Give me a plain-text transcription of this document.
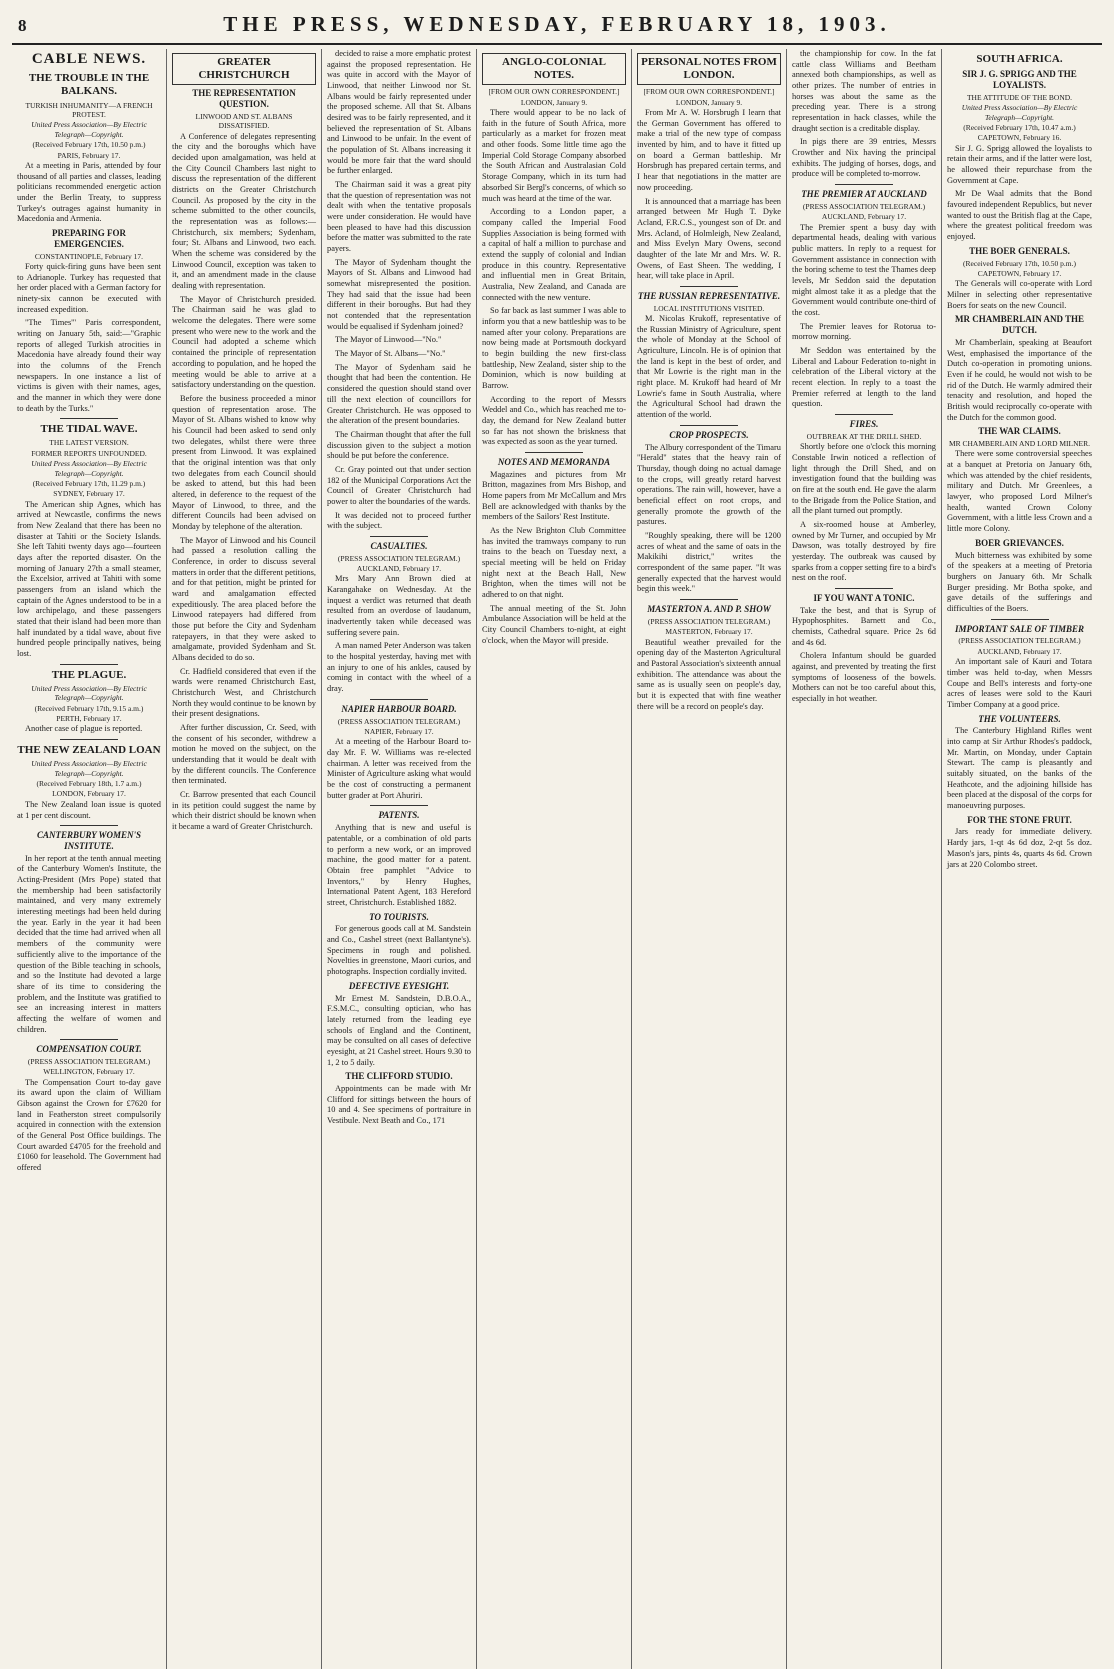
8	THE PRESS, WEDNESDAY, FEBRUARY 18, 1903.
CABLE NEWS.
THE TROUBLE IN THE BALKANS.
TURKISH INHUMANITY—A FRENCH PROTEST.
United Press Association—By Electric Telegraph—Copyright.
(Received February 17th, 10.50 p.m.)
PARIS, February 17.

At a meeting in Paris, attended by four thousand of all parties and classes, leading politicians recommended energetic action under the Berlin Treaty, to suppress Turkey's outrages against humanity in Macedonia and Armenia.

PREPARING FOR EMERGENCIES.
CONSTANTINOPLE, February 17.

Forty quick-firing guns have been sent to Adrianople. Turkey has requested that her order placed with a German factory for ninety-six cannon be executed with increased expedition.

"The Times'" Paris correspondent, writing on January 5th, said:—"Graphic reports of alleged Turkish atrocities in Macedonia have already found their way into the columns of the French newspapers. In one instance a list of victims is given with their names, ages, and the manner in which they were done to death by the Turks."

THE TIDAL WAVE.
THE LATEST VERSION.
FORMER REPORTS UNFOUNDED.
United Press Association—By Electric Telegraph—Copyright.
(Received February 17th, 11.29 p.m.)
SYDNEY, February 17.

The American ship Agnes, which has arrived at Newcastle, confirms the news from New Zealand that there has been no disaster at Tahiti or the Society Islands. She left Tahiti twenty days ago—fourteen days after the reported disaster. On the morning of January 27th a small steamer, the Excelsior, arrived at Tahiti with some passengers from an island which the captain of the Agnes understood to be in a low archipelago, and these passengers stated that their island had been more than half inundated by a tidal wave, about five hundred people principally natives, being lost.

THE PLAGUE.
United Press Association—By Electric Telegraph—Copyright.
(Received February 17th, 9.15 a.m.)
PERTH, February 17.

Another case of plague is reported.

THE NEW ZEALAND LOAN
United Press Association—By Electric Telegraph—Copyright.
(Received February 18th, 1.7 a.m.)
LONDON, February 17.

The New Zealand loan issue is quoted at 1 per cent discount.

CANTERBURY WOMEN'S INSTITUTE.

In her report at the tenth annual meeting of the Canterbury Women's Institute, the Acting-President (Mrs Pope) stated that the membership had been satisfactorily maintained, and very many extremely interesting meetings had been held during the year. Early in the year it had been decided that the time had arrived when all members of the community were sufficiently alive to the importance of the question of the Bible teaching in schools, and so the Institute had devoted a large share of its time to considering the problem, and the Institute was gratified to see an increasing interest in matters affecting the welfare of women and children.

COMPENSATION COURT.
(PRESS ASSOCIATION TELEGRAM.)
WELLINGTON, February 17.

The Compensation Court to-day gave its award upon the claim of William Gibson against the Crown for £7620 for land in Featherston street compulsorily acquired in connection with the extension of the General Post Office buildings. The Court awarded £4705 for the freehold and £1060 for leasehold. The Government had offered

GREATER CHRISTCHURCH
THE REPRESENTATION QUESTION.
LINWOOD AND ST. ALBANS DISSATISFIED.

A Conference of delegates representing the city and the boroughs which have decided upon amalgamation, was held at the City Council Chambers last night to discuss the representation of the different districts on the Greater Christchurch Council. As proposed by the city in the scheme submitted to the other councils, the representation was as follows:—Christchurch, six members; Sydenham, four; St. Albans and Linwood, two each. When the scheme was considered by the Linwood Council, exception was taken to it, and an amendment made in the clause dealing with representation.

The Mayor of Christchurch presided. The Chairman said he was glad to welcome the delegates. There were some present who were new to the work and the Council had adopted a scheme which contained the principle of representation according to population, and he hoped the meeting would be able to arrive at a satisfactory understanding on the question.

Before the business proceeded a minor question of representation arose. The Mayor of St. Albans wished to know why his Council had been asked to send only two delegates, whilst there were three present from Linwood. It was explained that the original intention was that only two delegates from each Council should be asked to attend, but this had been altered, in deference to the request of the Mayor of Linwood, to three, and the different Councils had been advised on Monday by telephone of the alteration.

The Mayor of Linwood and his Council had passed a resolution calling the Conference, in order to discuss several matters in order that the different petitions, and for that petition, might be printed for ward and amalgamation effected expeditiously. The area placed before the Linwood ratepayers had differed from those put before the City and Sydenham ratepayers, in that they were asked to amalgamate, provided Sydenham and St. Albans decided to do so.

Cr. Hadfield considered that even if the wards were renamed Christchurch East, Christchurch West, and Christchurch North they would continue to be known by their present designations.

After further discussion, Cr. Seed, with the consent of his seconder, withdrew a motion he moved on the subject, on the understanding that it would be dealt with by the different councils. The Conference then terminated.

Cr. Barrow presented that each Council in its petition could suggest the name by which their district should be known when it became a ward of Greater Christchurch.

decided to raise a more emphatic protest against the proposed representation. He was quite in accord with the Mayor of Linwood, that neither Linwood nor St. Albans would be fairly represented under the proposed scheme. All that St. Albans desired was to be fairly represented, and it believed the representation of St. Albans and Linwood to be unfair. In the event of the population of St. Albans increasing it would be more fair that the ward should be further enlarged.

The Chairman said it was a great pity that the question of representation was not dealt with when the tentative proposals were under consideration. He would have been pleased to have had this discussion before the matter was submitted to the rate payers.

The Mayor of Sydenham thought the Mayors of St. Albans and Linwood had somewhat misrepresented the position. They had said that the issue had been different in their boroughs. But had they not contended that the representation would be equalised if Sydenham joined?

The Mayor of Linwood—"No."

The Mayor of St. Albans—"No."

The Mayor of Sydenham said he thought that had been the contention. He considered the question should stand over till the next election of councillors for Greater Christchurch. He was opposed to the alteration of the present boundaries.

The Chairman thought that after the full discussion given to the subject a motion should be put before the conference.

Cr. Gray pointed out that under section 182 of the Municipal Corporations Act the Council of Greater Christchurch had power to alter the boundaries of the wards.

It was decided not to proceed further with the subject.

CASUALTIES.
(PRESS ASSOCIATION TELEGRAM.)
AUCKLAND, February 17.

Mrs Mary Ann Brown died at Karangahake on Wednesday. At the inquest a verdict was returned that death resulted from an overdose of laudanum, inadvertently taken while deceased was suffering severe pain.

A man named Peter Anderson was taken to the hospital yesterday, having met with an injury to one of his ankles, caused by coming in contact with the wheel of a dray.

NAPIER HARBOUR BOARD.
(PRESS ASSOCIATION TELEGRAM.)
NAPIER, February 17.

At a meeting of the Harbour Board to-day Mr. F. W. Williams was re-elected chairman. A letter was received from the Minister of Agriculture asking what would be the cost of constructing a permanent butter grader at Port Ahuriri.

PATENTS.

Anything that is new and useful is patentable, or a combination of old parts to perform a new work, or an improved machine, the good matter for a patent. Obtain free pamphlet "Advice to Inventors," by Henry Hughes, International Patent Agent, 183 Hereford street, Christchurch. Established 1882.

TO TOURISTS.

For generous goods call at M. Sandstein and Co., Cashel street (next Ballantyne's). Specimens in rough and polished. Novelties in greenstone, Maori curios, and photographs. Inspection cordially invited.

DEFECTIVE EYESIGHT.

Mr Ernest M. Sandstein, D.B.O.A., F.S.M.C., consulting optician, who has lately returned from the leading eye schools of England and the Continent, may be consulted on all cases of defective eyesight, at 21 Cashel street. Hours 9.30 to 1, 2 to 5 daily.

THE CLIFFORD STUDIO.

Appointments can be made with Mr Clifford for sittings between the hours of 10 and 4. See specimens of portraiture in Vestibule. Next Beath and Co., 171

ANGLO-COLONIAL NOTES.
[FROM OUR OWN CORRESPONDENT.]
LONDON, January 9.

There would appear to be no lack of faith in the future of South Africa, more particularly as a market for frozen meat and other foods. Some little time ago the Imperial Cold Storage Company absorbed the South African and Australasian Cold Storage Company, which in its turn had absorbed Sir Bergl's concerns, of which so much was heard at the time of the war.

According to a London paper, a company called the Imperial Food Supplies Association is being formed with a capital of half a million to purchase and extend the supply of colonial and Indian produce in this country. Representative and influential men in Great Britain, Australia, New Zealand, and Canada are connected with the new venture.

So far back as last summer I was able to inform you that a new battleship was to be named after your colony. Preparations are now being made at Portsmouth dockyard to begin building the new first-class battleship, New Zealand, sister ship to the Dominion, which is now building at Barrow.

According to the report of Messrs Weddel and Co., which has reached me to-day, the demand for New Zealand butter so far has not shown the briskness that was expected as soon as the year turned.

NOTES AND MEMORANDA

Magazines and pictures from Mr Britton, magazines from Mrs Bishop, and Home papers from Mr McCallum and Mrs Bell are acknowledged with thanks by the members of the Sailors' Rest Institute.

As the New Brighton Club Committee has invited the tramways company to run trains to the beach on Tuesday next, a special meeting will be held on Friday night next at the Beach Hall, New Brighton, when the times will not be adhered to on that night.

The annual meeting of the St. John Ambulance Association will be held at the City Council Chambers to-night, at eight o'clock, when the Mayor will preside.

PERSONAL NOTES FROM LONDON.
[FROM OUR OWN CORRESPONDENT.]
LONDON, January 9.

From Mr A. W. Horsbrugh I learn that the German Government has offered to make a trial of the new type of compass invented by him, and to have it fitted up on board a German battleship. Mr Horsbrugh has prepared certain terms, and I hear that negotiations in the matter are now proceeding.

It is announced that a marriage has been arranged between Mr Hugh T. Dyke Acland, F.R.C.S., youngest son of Dr. and Mrs. Acland, of Holmleigh, New Zealand, and Miss Evelyn Mary Owens, second daughter of the late Mr and Mrs. W. R. Owens, of East Sheen. The wedding, I hear, will take place in April.

THE RUSSIAN REPRESENTATIVE.
LOCAL INSTITUTIONS VISITED.

M. Nicolas Krukoff, representative of the Russian Ministry of Agriculture, spent the whole of Monday at the School of Agriculture, Lincoln. He is of opinion that the land is kept in the best of order, and that Mr Lowrie is the right man in the right place. M. Krukoff had heard of Mr Lowrie's fame in South Australia, where the Agricultural School had drawn the attention of the world.

CROP PROSPECTS.

The Albury correspondent of the Timaru "Herald" states that the heavy rain of Thursday, though doing no actual damage to the crops, will greatly retard harvest operations. The rain will, however, have a beneficial effect on root crops, and generally promote the growth of the pastures.

"Roughly speaking, there will be 1200 acres of wheat and the same of oats in the Makikihi district," writes the correspondent of the same paper. "It was generally expected that the harvest would begin this week."

MASTERTON A. AND P. SHOW
(PRESS ASSOCIATION TELEGRAM.)
MASTERTON, February 17.

Beautiful weather prevailed for the opening day of the Masterton Agricultural and Pastoral Association's sixteenth annual exhibition. The attendance was about the same as is usually seen on people's day, but it is expected that with fine weather there will be a record on people's day.

the championship for cow. In the fat cattle class Williams and Beetham annexed both championships, as well as other prizes. The number of entries in horses was about the same as the preceding year. There is a strong representation in hack classes, while the draught section is a creditable display.

In pigs there are 39 entries, Messrs Crowther and Nix having the principal exhibits. The judging of horses, dogs, and produce will be completed to-morrow.

THE PREMIER AT AUCKLAND
(PRESS ASSOCIATION TELEGRAM.)
AUCKLAND, February 17.

The Premier spent a busy day with departmental heads, dealing with various public matters. In reply to a request for Government assistance in connection with the boring scheme to test the Thames deep levels, Mr Seddon said the deputation might almost take it as a pledge that the Government would contribute one-third of the cost.

The Premier leaves for Rotorua to-morrow morning.

Mr Seddon was entertained by the Liberal and Labour Federation to-night in celebration of the Liberal victory at the recent election. In reply to a toast the Premier referred at length to the land question.

FIRES.
OUTBREAK AT THE DRILL SHED.

Shortly before one o'clock this morning Constable Irwin noticed a reflection of light through the Drill Shed, and on investigation found that the building was on fire at the south end. He gave the alarm to the Brigade from the Police Station, and all the plant turned out promptly.

A six-roomed house at Amberley, owned by Mr Turner, and occupied by Mr Dawson, was totally destroyed by fire yesterday. The outbreak was caused by sparks from a copper setting fire to a bird's nest on the roof.

IF YOU WANT A TONIC.

Take the best, and that is Syrup of Hypophosphites. Barnett and Co., chemists, Cathedral square. Price 2s 6d and 4s 6d.

Cholera Infantum should be guarded against, and prevented by treating the first symptoms of looseness of the bowels. Mothers can not be too careful about this, especially in hot weather.

SOUTH AFRICA.
SIR J. G. SPRIGG AND THE LOYALISTS.
THE ATTITUDE OF THE BOND.
United Press Association—By Electric Telegraph—Copyright.
(Received February 17th, 10.47 a.m.)
CAPETOWN, February 16.

Sir J. G. Sprigg allowed the loyalists to retain their arms, and if the latter were lost, he allowed their repurchase from the Government at Cape.

Mr De Waal admits that the Bond favoured independent Republics, but never wanted to oust the British flag at the Cape, where the greatest political freedom was enjoyed.

THE BOER GENERALS.
(Received February 17th, 10.50 p.m.)
CAPETOWN, February 17.

The Generals will co-operate with Lord Milner in selecting other representative Boers for seats on the new Council.

MR CHAMBERLAIN AND THE DUTCH.

Mr Chamberlain, speaking at Beaufort West, emphasised the importance of the Dutch co-operation in promoting unions. Even if he could, he would not wish to be rid of the Dutch. He warmly admired their tenacity and resolution, and hoped the British would reciprocally co-operate with the Dutch for the common good.

THE WAR CLAIMS.
MR CHAMBERLAIN AND LORD MILNER.

There were some controversial speeches at a banquet at Pretoria on January 6th, which was attended by the chief residents, military and Dutch. Mr Greenlees, a lawyer, who proposed Lord Milner's health, wanted Crown Colony Government, with a little less Crown and a little more Colony.

BOER GRIEVANCES.

Much bitterness was exhibited by some of the speakers at a meeting of Pretoria burghers on January 6th. Mr Schalk Burger presiding. Mr Botha spoke, and gave details of the sufferings and difficulties of the Boers.

IMPORTANT SALE OF TIMBER
(PRESS ASSOCIATION TELEGRAM.)
AUCKLAND, February 17.

An important sale of Kauri and Totara timber was held to-day, when Messrs Coupe and Bell's interests and forty-one acres of leases were sold to the Kauri Timber Company at a good price.

THE VOLUNTEERS.

The Canterbury Highland Rifles went into camp at Sir Arthur Rhodes's paddock, Mr. Martin, on Monday, under Captain Stewart. The camp is pleasantly and suitably situated, on the banks of the Heathcote, and the adjoining hillside has been placed at the disposal of the corps for manoeuvring purposes.

FOR THE STONE FRUIT.

Jars ready for immediate delivery. Hardy jars, 1-qt 4s 6d doz, 2-qt 5s doz. Mason's jars, pints 4s, quarts 4s 6d. Crown jars at 220 Colombo street.
